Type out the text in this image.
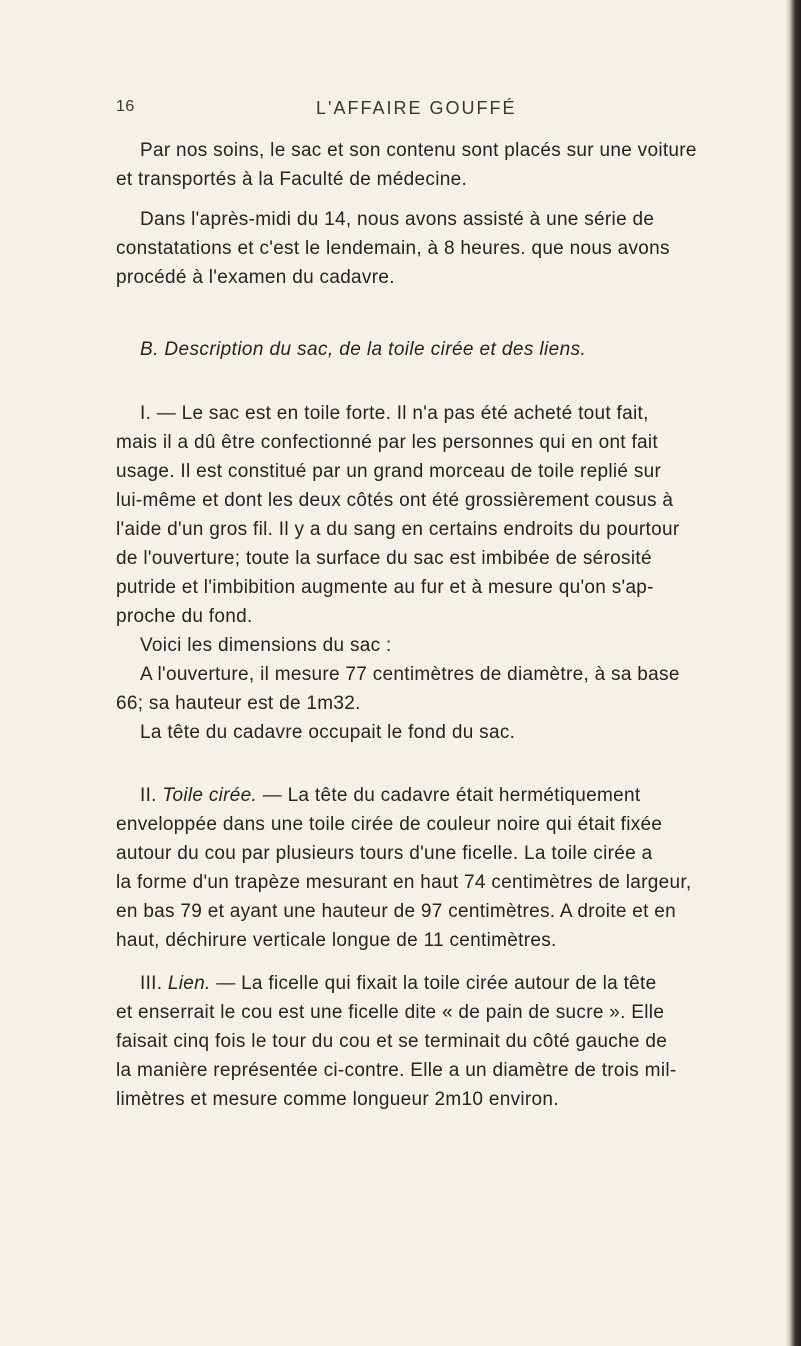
16	L'AFFAIRE GOUFFÉ

Par nos soins, le sac et son contenu sont placés sur une voiture
et transportés à la Faculté de médecine.

Dans l'après-midi du 14, nous avons assisté à une série de
constatations et c'est le lendemain, à 8 heures. que nous avons
procédé à l'examen du cadavre.

B. Description du sac, de la toile cirée et des liens.

I. — Le sac est en toile forte. Il n'a pas été acheté tout fait,
mais il a dû être confectionné par les personnes qui en ont fait
usage. Il est constitué par un grand morceau de toile replié sur
lui-même et dont les deux côtés ont été grossièrement cousus à
l'aide d'un gros fil. Il y a du sang en certains endroits du pourtour
de l'ouverture; toute la surface du sac est imbibée de sérosité
putride et l'imbibition augmente au fur et à mesure qu'on s'ap-
proche du fond.

Voici les dimensions du sac :

A l'ouverture, il mesure 77 centimètres de diamètre, à sa base
66; sa hauteur est de 1m32.

La tête du cadavre occupait le fond du sac.

II. Toile cirée. — La tête du cadavre était hermétiquement
enveloppée dans une toile cirée de couleur noire qui était fixée
autour du cou par plusieurs tours d'une ficelle. La toile cirée a
la forme d'un trapèze mesurant en haut 74 centimètres de largeur,
en bas 79 et ayant une hauteur de 97 centimètres. A droite et en
haut, déchirure verticale longue de 11 centimètres.

III. Lien. — La ficelle qui fixait la toile cirée autour de la tête
et enserrait le cou est une ficelle dite « de pain de sucre ». Elle
faisait cinq fois le tour du cou et se terminait du côté gauche de
la manière représentée ci-contre. Elle a un diamètre de trois mil-
limètres et mesure comme longueur 2m10 environ.
